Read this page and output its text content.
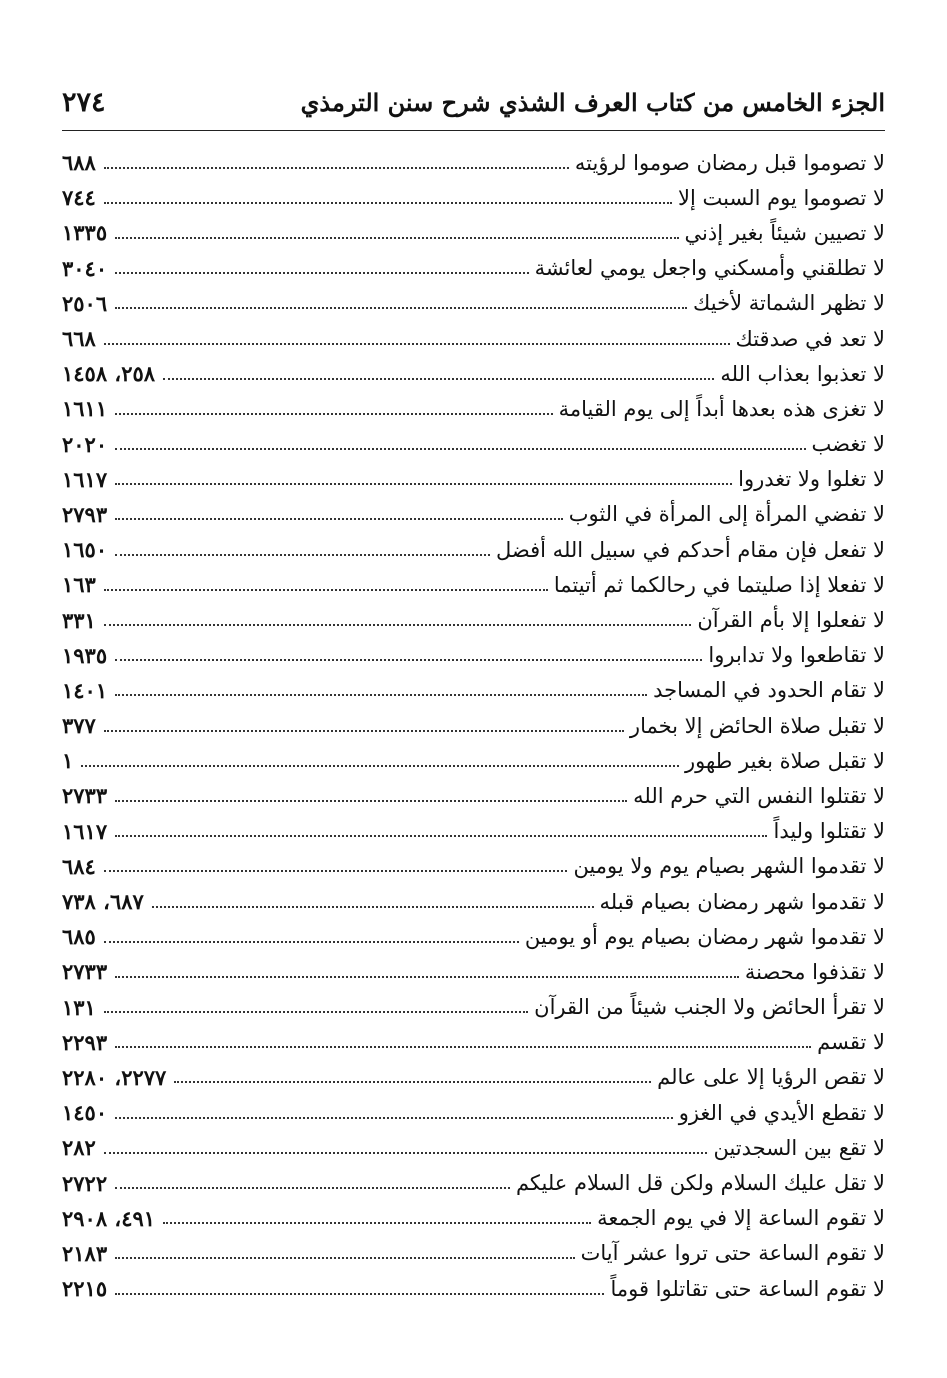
٢٧٤	الجزء الخامس من كتاب العرف الشذي شرح سنن الترمذي
لا تصوموا قبل رمضان صوموا لرؤيته
٦٨٨
لا تصوموا يوم السبت إلا
٧٤٤
لا تصيين شيئاً بغير إذني
١٣٣٥
لا تطلقني وأمسكني واجعل يومي لعائشة
٣٠٤٠
لا تظهر الشماتة لأخيك
٢٥٠٦
لا تعد في صدقتك
٦٦٨
لا تعذبوا بعذاب الله
٢٥٨، ١٤٥٨
لا تغزى هذه بعدها أبداً إلى يوم القيامة
١٦١١
لا تغضب
٢٠٢٠
لا تغلوا ولا تغدروا
١٦١٧
لا تفضي المرأة إلى المرأة في الثوب
٢٧٩٣
لا تفعل فإن مقام أحدكم في سبيل الله أفضل
١٦٥٠
لا تفعلا إذا صليتما في رحالكما ثم أتيتما
١٦٣
لا تفعلوا إلا بأم القرآن
٣٣١
لا تقاطعوا ولا تدابروا
١٩٣٥
لا تقام الحدود في المساجد
١٤٠١
لا تقبل صلاة الحائض إلا بخمار
٣٧٧
لا تقبل صلاة بغير طهور
١
لا تقتلوا النفس التي حرم الله
٢٧٣٣
لا تقتلوا وليداً
١٦١٧
لا تقدموا الشهر بصيام يوم ولا يومين
٦٨٤
لا تقدموا شهر رمضان بصيام قبله
٦٨٧، ٧٣٨
لا تقدموا شهر رمضان بصيام يوم أو يومين
٦٨٥
لا تقذفوا محصنة
٢٧٣٣
لا تقرأ الحائض ولا الجنب شيئاً من القرآن
١٣١
لا تقسم
٢٢٩٣
لا تقص الرؤيا إلا على عالم
٢٢٧٧، ٢٢٨٠
لا تقطع الأيدي في الغزو
١٤٥٠
لا تقع بين السجدتين
٢٨٢
لا تقل عليك السلام ولكن قل السلام عليكم
٢٧٢٢
لا تقوم الساعة إلا في يوم الجمعة
٤٩١، ٢٩٠٨
لا تقوم الساعة حتى تروا عشر آيات
٢١٨٣
لا تقوم الساعة حتى تقاتلوا قوماً
٢٢١٥
